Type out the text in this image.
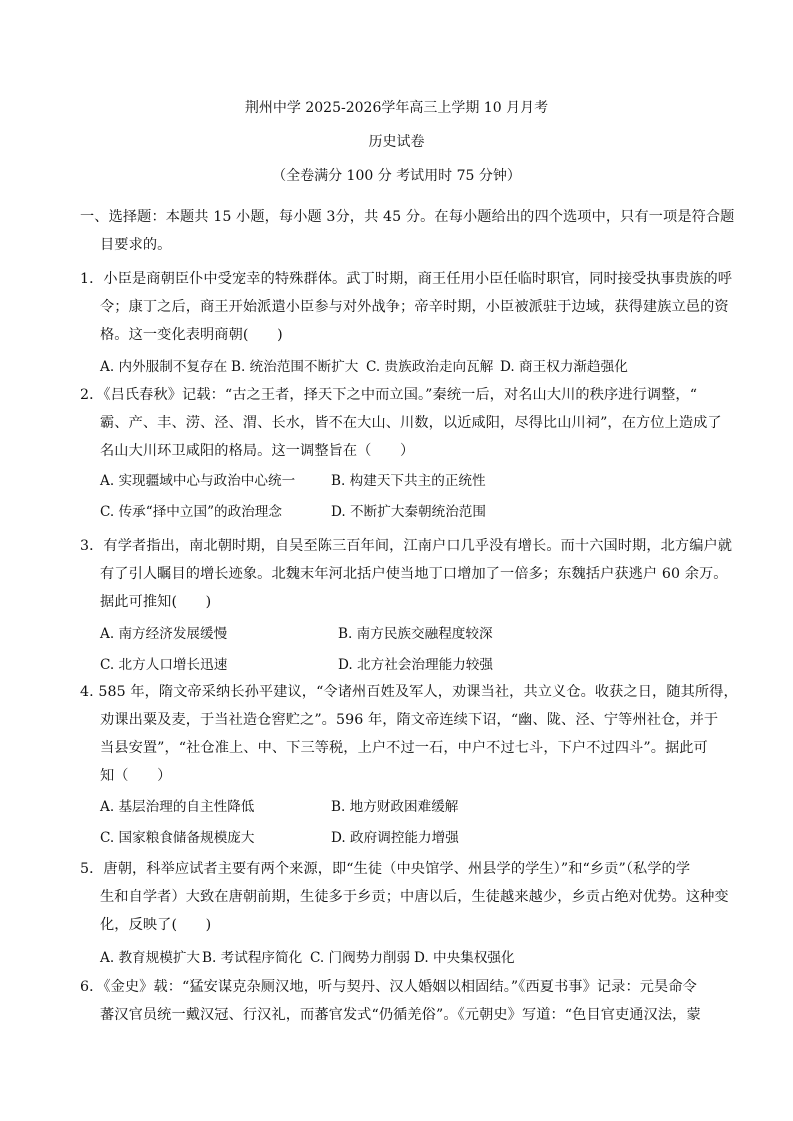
荆州中学 2025-2026学年高三上学期 10 月月考
历史试卷
（全卷满分 100 分 考试用时 75 分钟）
一、选择题：本题共 15 小题，每小题 3分，共 45 分。在每小题给出的四个选项中，只有一项是符合题
目要求的。
1．小臣是商朝臣仆中受宠幸的特殊群体。武丁时期，商王任用小臣任临时职官，同时接受执事贵族的呼
令；康丁之后，商王开始派遣小臣参与对外战争；帝辛时期，小臣被派驻于边域，获得建族立邑的资
格。这一变化表明商朝(　　)
A. 内外服制不复存在 B. 统治范围不断扩大 C. 贵族政治走向瓦解 D. 商王权力渐趋强化
2．《吕氏春秋》记载：“古之王者，择天下之中而立国。”秦统一后，对名山大川的秩序进行调整，“
霸、产、丰、涝、泾、渭、长水，皆不在大山、川数，以近咸阳，尽得比山川祠”，在方位上造成了
名山大川环卫咸阳的格局。这一调整旨在（　　）
A. 实现疆域中心与政治中心统一	B. 构建天下共主的正统性
C. 传承“择中立国”的政治理念	D. 不断扩大秦朝统治范围
3．有学者指出，南北朝时期，自吴至陈三百年间，江南户口几乎没有增长。而十六国时期，北方编户就
有了引人瞩目的增长迹象。北魏末年河北括户使当地丁口增加了一倍多；东魏括户获逃户 60 余万。
据此可推知(　　)
A. 南方经济发展缓慢	B. 南方民族交融程度较深
C. 北方人口增长迅速	D. 北方社会治理能力较强
4. 585 年，隋文帝采纳长孙平建议，“令诸州百姓及军人，劝课当社，共立义仓。收获之日，随其所得，
劝课出粟及麦，于当社造仓窖贮之”。596 年，隋文帝连续下诏，“幽、陇、泾、宁等州社仓，并于
当县安置”，“社仓准上、中、下三等税，上户不过一石，中户不过七斗，下户不过四斗”。据此可
知（　　）
A. 基层治理的自主性降低	B. 地方财政困难缓解
C. 国家粮食储备规模庞大	D. 政府调控能力增强
5．唐朝，科举应试者主要有两个来源，即“生徒（中央馆学、州县学的学生）”和“乡贡”（私学的学
生和自学者）大致在唐朝前期，生徒多于乡贡；中唐以后，生徒越来越少，乡贡占绝对优势。这种变
化，反映了(　　)
A. 教育规模扩大 B. 考试程序简化 C. 门阀势力削弱 D. 中央集权强化
6．《金史》载：“猛安谋克杂厕汉地，听与契丹、汉人婚姻以相固结。”《西夏书事》记录：元昊命令
蕃汉官员统一戴汉冠、行汉礼，而蕃官发式“仍循羌俗”。《元朝史》写道：“色目官吏通汉法，蒙
